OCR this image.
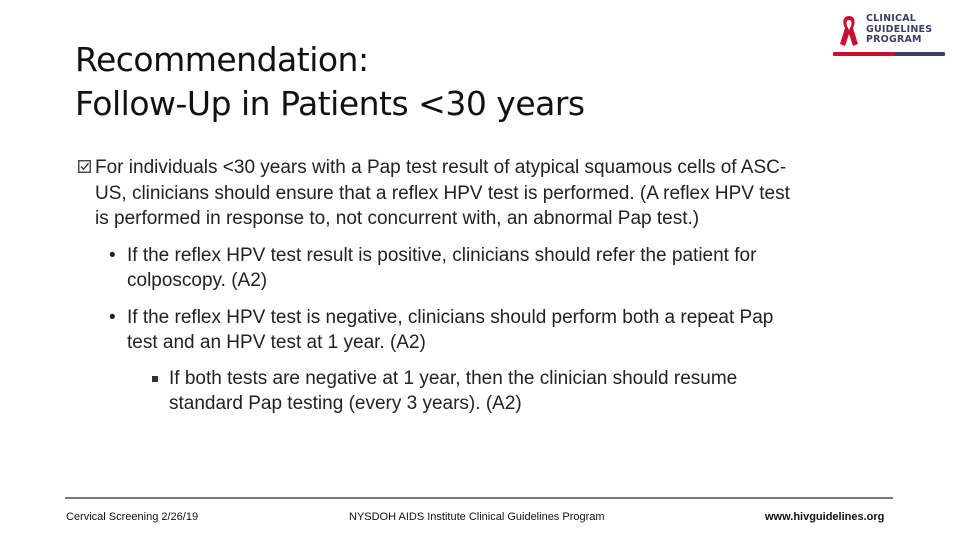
Recommendation:
Follow-Up in Patients <30 years
CLINICAL
GUIDELINES
PROGRAM
For individuals <30 years with a Pap test result of atypical squamous cells of ASC-US, clinicians should ensure that a reflex HPV test is performed. (A reflex HPV test is performed in response to, not concurrent with, an abnormal Pap test.)
• If the reflex HPV test result is positive, clinicians should refer the patient for colposcopy. (A2)
• If the reflex HPV test is negative, clinicians should perform both a repeat Pap test and an HPV test at 1 year. (A2)
If both tests are negative at 1 year, then the clinician should resume standard Pap testing (every 3 years). (A2)
Cervical Screening 2/26/19	NYSDOH AIDS Institute Clinical Guidelines Program	www.hivguidelines.org
